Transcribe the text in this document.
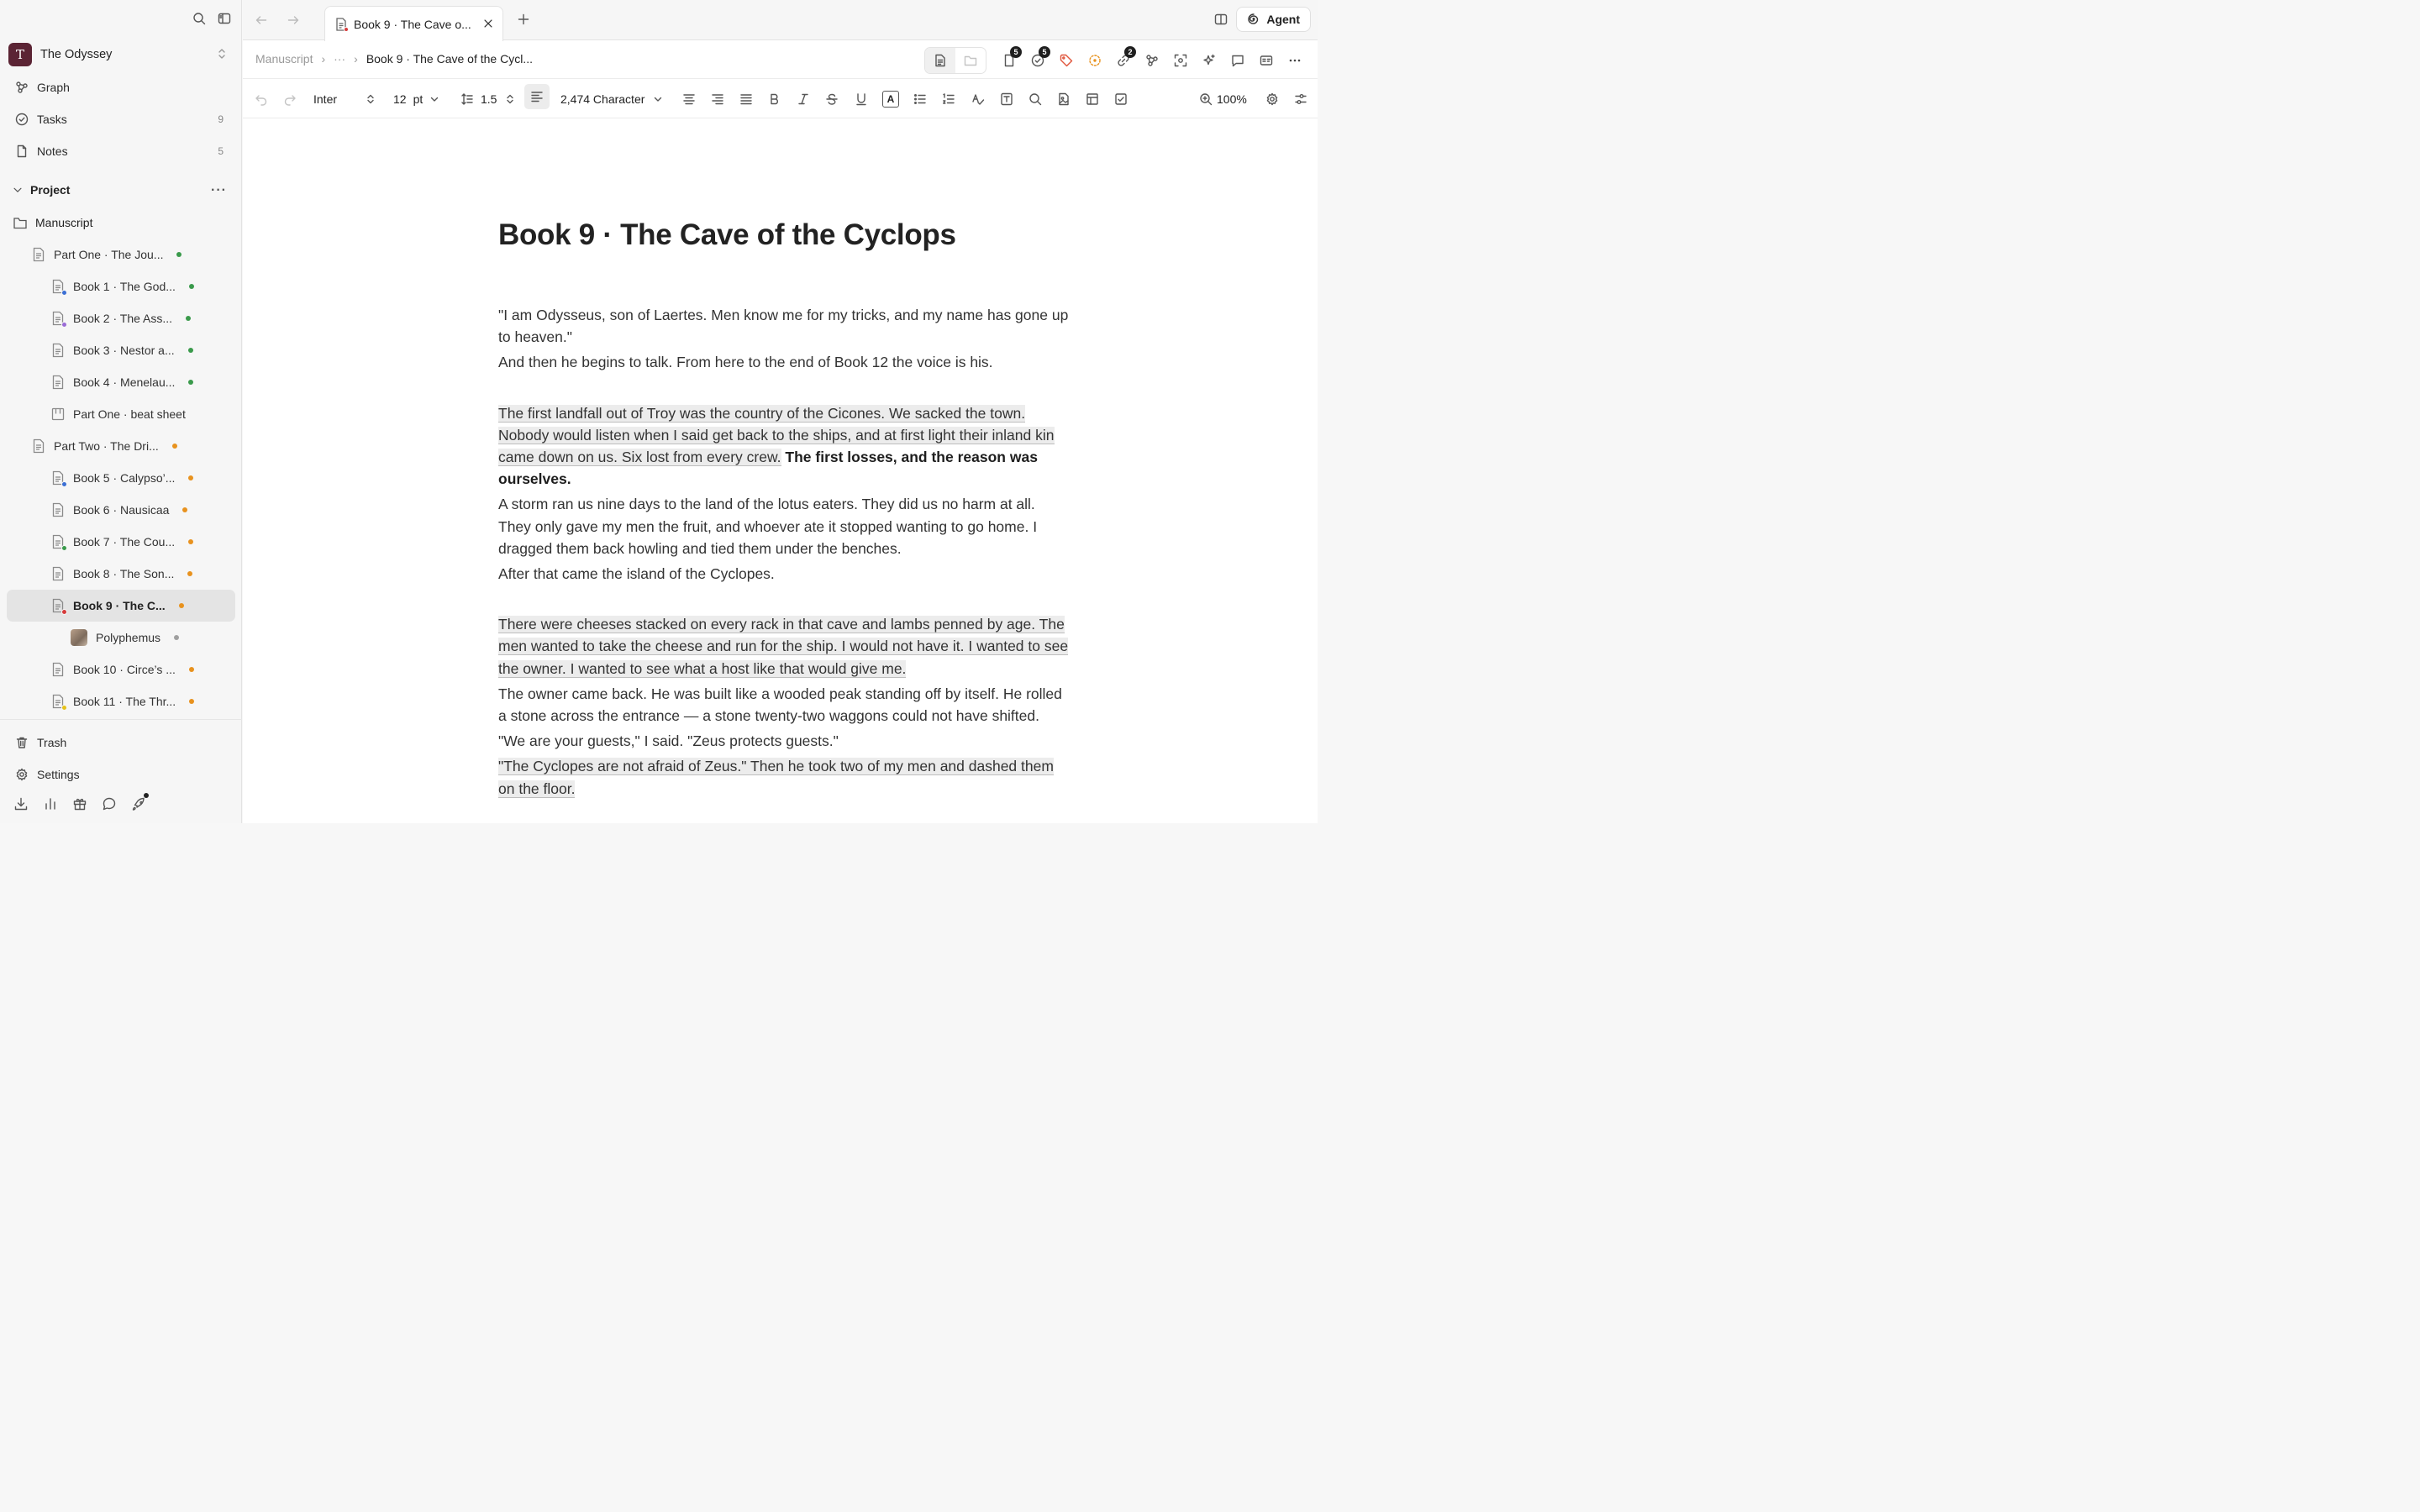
T	The Odyssey
Graph
Tasks	9
Notes	5
Project	···
Manuscript
Part One · The Jou...
Book 1 · The God...
Book 2 · The Ass...
Book 3 · Nestor a...
Book 4 · Menelau...
Part One · beat sheet
Part Two · The Dri...
Book 5 · Calypso’...
Book 6 · Nausicaa
Book 7 · The Cou...
Book 8 · The Son...
Book 9 · The C...
Polyphemus
Book 10 · Circe’s ...
Book 11 · The Thr...
Trash
Settings
Book 9 · The Cave o...	Agent
Manuscript › ··· › Book 9 · The Cave of the Cycl...	5	5	2
Inter	12 pt	1.5	2,474 Character	A	100%
Book 9 · The Cave of the Cyclops

"I am Odysseus, son of Laertes. Men know me for my tricks, and my name has gone up to heaven."

And then he begins to talk. From here to the end of Book 12 the voice is his.

The first landfall out of Troy was the country of the Cicones. We sacked the town. Nobody would listen when I said get back to the ships, and at first light their inland kin came down on us. Six lost from every crew. The first losses, and the reason was ourselves.

A storm ran us nine days to the land of the lotus eaters. They did us no harm at all. They only gave my men the fruit, and whoever ate it stopped wanting to go home. I dragged them back howling and tied them under the benches.

After that came the island of the Cyclopes.

There were cheeses stacked on every rack in that cave and lambs penned by age. The men wanted to take the cheese and run for the ship. I would not have it. I wanted to see the owner. I wanted to see what a host like that would give me.

The owner came back. He was built like a wooded peak standing off by itself. He rolled a stone across the entrance — a stone twenty-two waggons could not have shifted.

"We are your guests," I said. "Zeus protects guests."

"The Cyclopes are not afraid of Zeus." Then he took two of my men and dashed them on the floor.
